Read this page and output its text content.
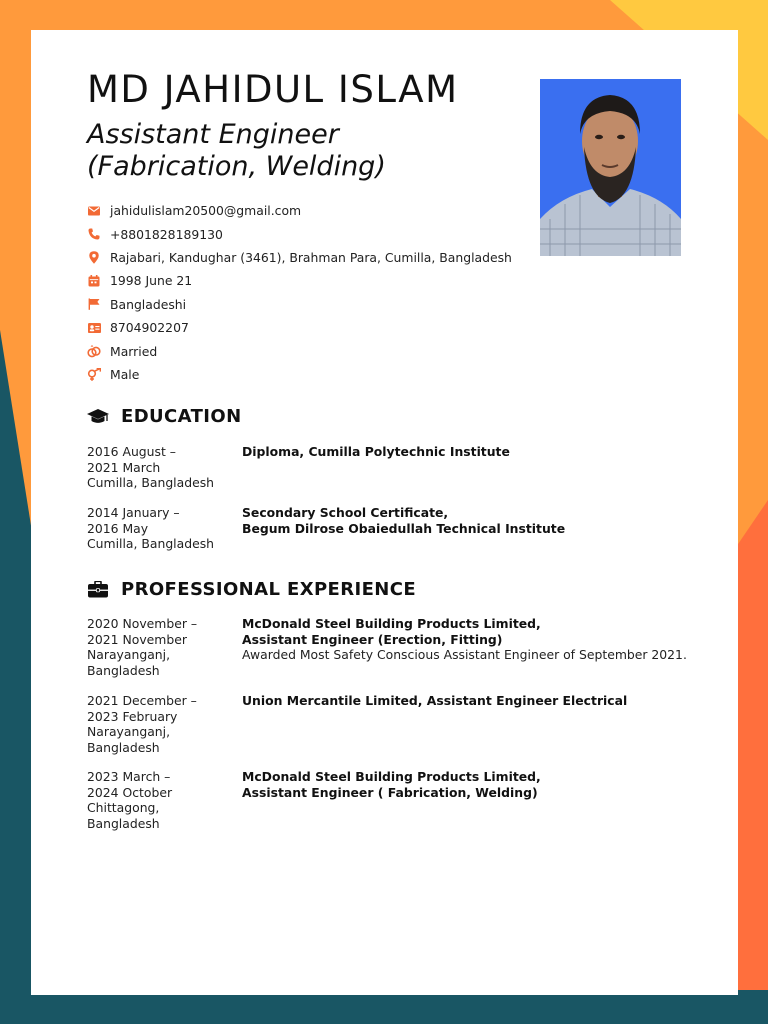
MD JAHIDUL ISLAM
Assistant Engineer
(Fabrication, Welding)
jahidulislam20500@gmail.com
+8801828189130
Rajabari, Kandughar (3461), Brahman Para, Cumilla, Bangladesh
1998 June 21
Bangladeshi
8704902207
Married
Male
EDUCATION
2016 August –
2021 March
Cumilla, Bangladesh
Diploma, Cumilla Polytechnic Institute
2014 January –
2016 May
Cumilla, Bangladesh
Secondary School Certificate,
Begum Dilrose Obaiedullah Technical Institute
PROFESSIONAL EXPERIENCE
2020 November –
2021 November
Narayanganj,
Bangladesh
McDonald Steel Building Products Limited,
Assistant Engineer (Erection, Fitting)
Awarded Most Safety Conscious Assistant Engineer of September 2021.
2021 December –
2023 February
Narayanganj,
Bangladesh
Union Mercantile Limited, Assistant Engineer Electrical
2023 March –
2024 October
Chittagong,
Bangladesh
McDonald Steel Building Products Limited,
Assistant Engineer ( Fabrication, Welding)
